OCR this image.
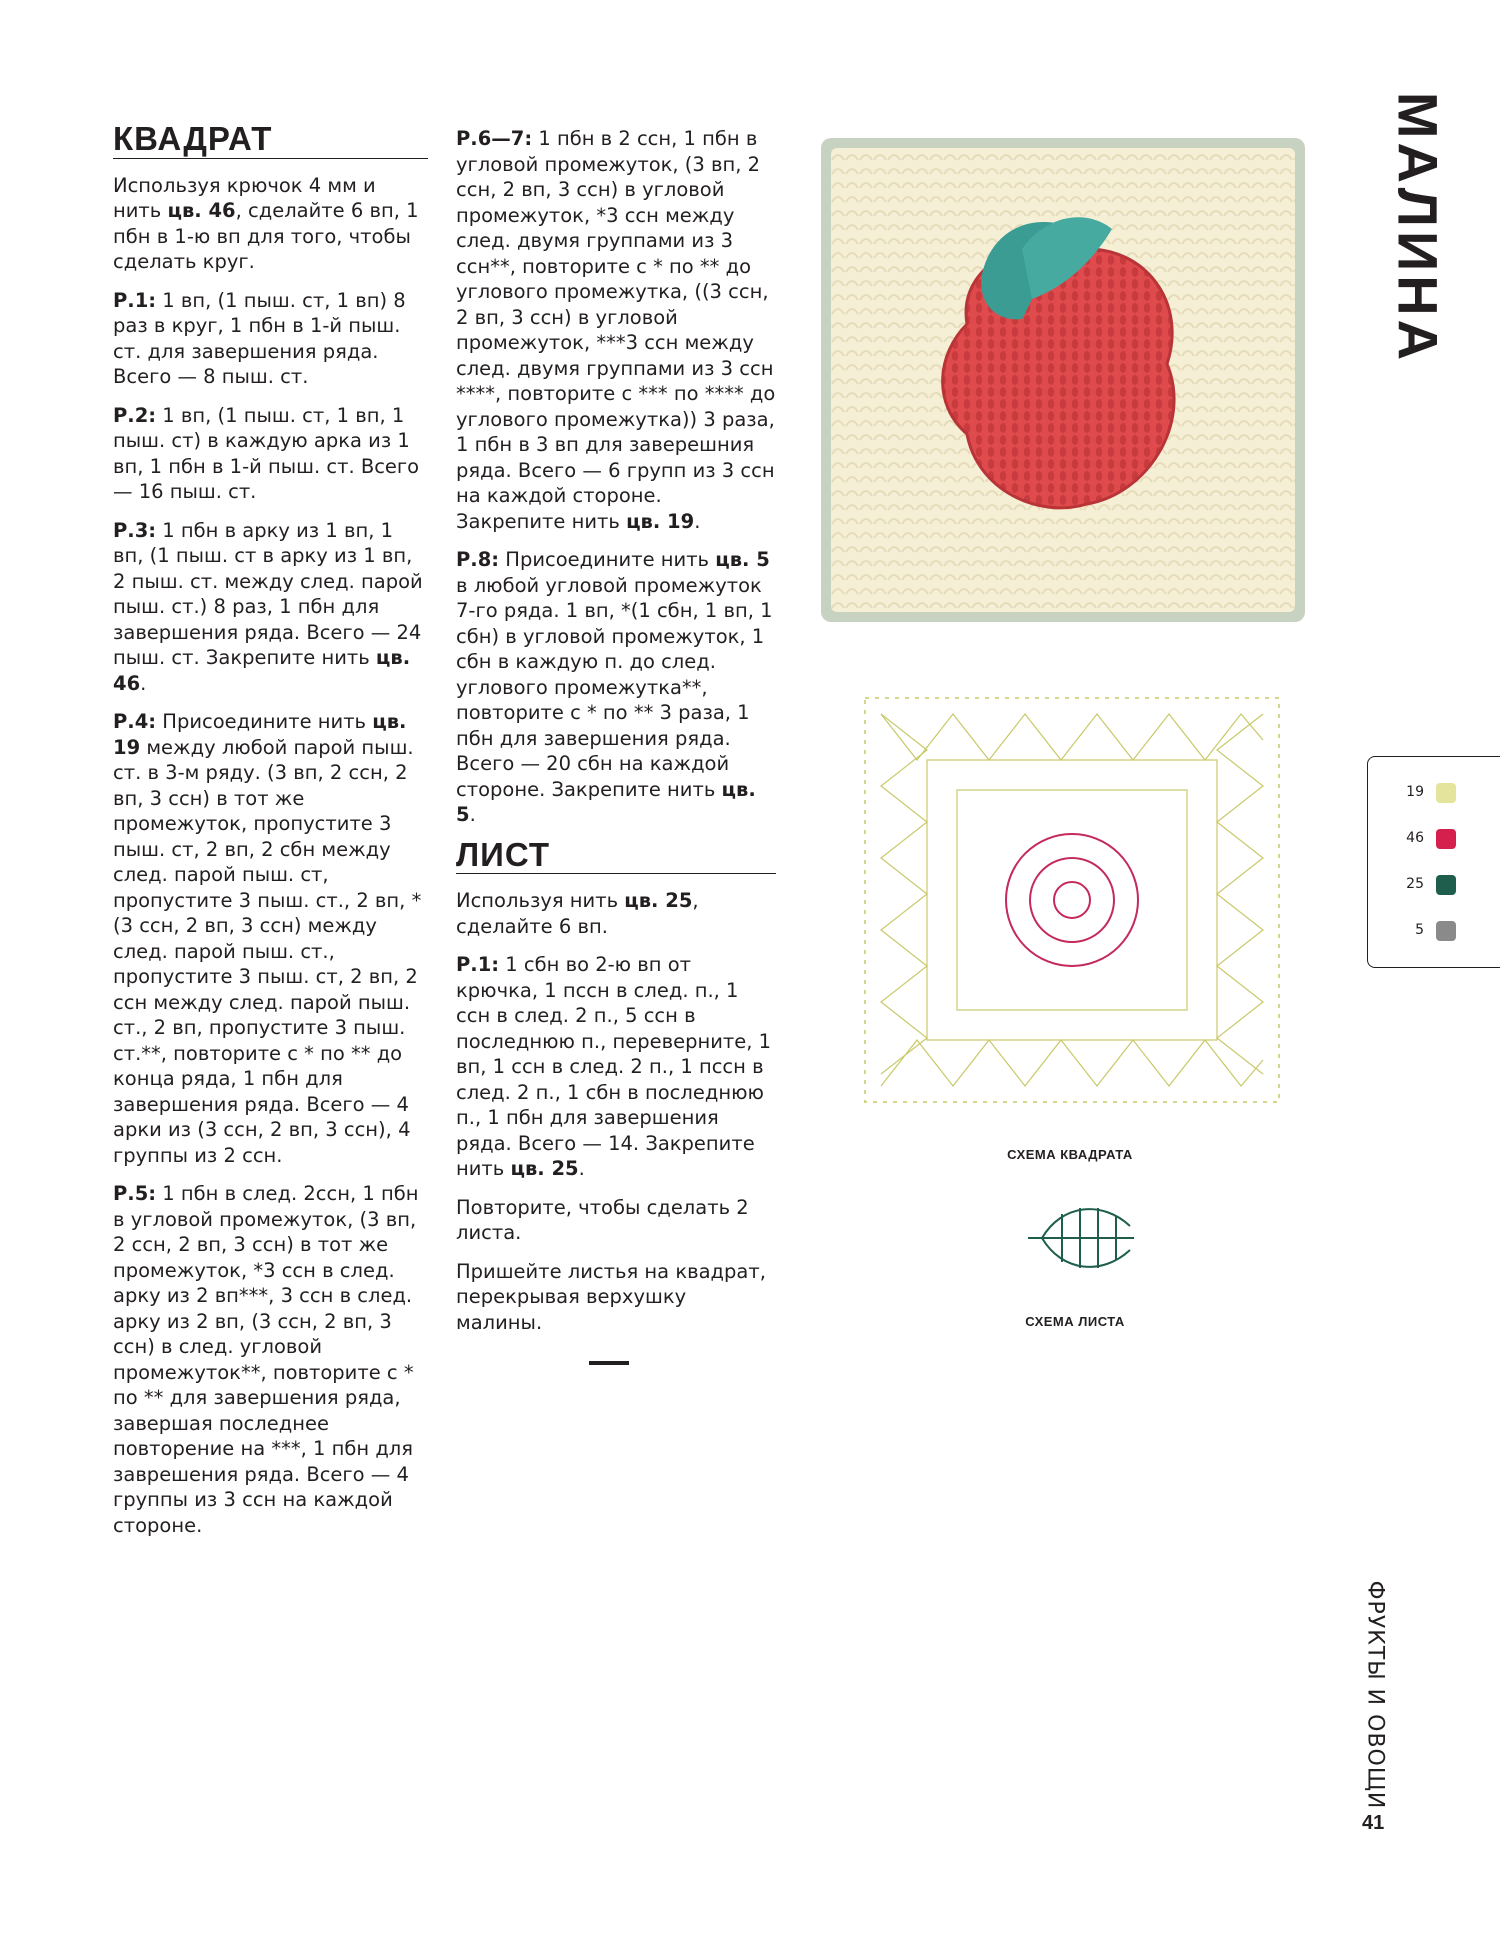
КВАДРАТ

Используя крючок 4 мм и нить цв. 46, сделайте 6 вп, 1 пбн в 1-ю вп для того, чтобы сделать круг.

Р.1: 1 вп, (1 пыш. ст, 1 вп) 8 раз в круг, 1 пбн в 1-й пыш. ст. для завершения ряда. Всего — 8 пыш. ст.

Р.2: 1 вп, (1 пыш. ст, 1 вп, 1 пыш. ст) в каждую арка из 1 вп, 1 пбн в 1-й пыш. ст. Всего — 16 пыш. ст.

Р.3: 1 пбн в арку из 1 вп, 1 вп, (1 пыш. ст в арку из 1 вп, 2 пыш. ст. между след. парой пыш. ст.) 8 раз, 1 пбн для завершения ряда. Всего — 24 пыш. ст. Закрепите нить цв. 46.

Р.4: Присоедините нить цв. 19 между любой парой пыш. ст. в 3-м ряду. (3 вп, 2 ссн, 2 вп, 3 ссн) в тот же промежуток, пропустите 3 пыш. ст, 2 вп, 2 сбн между след. парой пыш. ст, пропустите 3 пыш. ст., 2 вп, *(3 ссн, 2 вп, 3 ссн) между след. парой пыш. ст., пропустите 3 пыш. ст, 2 вп, 2 ссн между след. парой пыш. ст., 2 вп, пропустите 3 пыш. ст.**, повторите с * по ** до конца ряда, 1 пбн для завершения ряда. Всего — 4 арки из (3 ссн, 2 вп, 3 ссн), 4 группы из 2 ссн.

Р.5: 1 пбн в след. 2ссн, 1 пбн в угловой промежуток, (3 вп, 2 ссн, 2 вп, 3 ссн) в тот же промежуток, *3 ссн в след. арку из 2 вп***, 3 ссн в след. арку из 2 вп, (3 ссн, 2 вп, 3 ссн) в след. угловой промежуток**, повторите с * по ** для завершения ряда, завершая последнее повторение на ***, 1 пбн для заврешения ряда. Всего — 4 группы из 3 ссн на каждой стороне.

Р.6—7: 1 пбн в 2 ссн, 1 пбн в угловой промежуток, (3 вп, 2 ссн, 2 вп, 3 ссн) в угловой промежуток, *3 ссн между след. двумя группами из 3 ссн**, повторите с * по ** до углового промежутка, ((3 ссн, 2 вп, 3 ссн) в угловой промежуток, ***3 ссн между след. двумя группами из 3 ссн ****, повторите с *** по **** до углового промежутка)) 3 раза, 1 пбн в 3 вп для заверешния ряда. Всего — 6 групп из 3 ссн на каждой стороне. Закрепите нить цв. 19.

Р.8: Присоедините нить цв. 5 в любой угловой промежуток 7-го ряда. 1 вп, *(1 сбн, 1 вп, 1 сбн) в угловой промежуток, 1 сбн в каждую п. до след. углового промежутка**, повторите с * по ** 3 раза, 1 пбн для завершения ряда. Всего — 20 сбн на каждой стороне. Закрепите нить цв. 5.

ЛИСТ

Используя нить цв. 25, сделайте 6 вп.

Р.1: 1 сбн во 2-ю вп от крючка, 1 пссн в след. п., 1 ссн в след. 2 п., 5 ссн в последнюю п., переверните, 1 вп, 1 ссн в след. 2 п., 1 пссн в след. 2 п., 1 сбн в последнюю п., 1 пбн для завершения ряда. Всего — 14. Закрепите нить цв. 25.

Повторите, чтобы сделать 2 листа.

Пришейте листья на квадрат, перекрывая верхушку малины.

СХЕМА КВАДРАТА
СХЕМА ЛИСТА
МАЛИНА
19
46
25
5
ФРУКТЫ И ОВОЩИ
41
